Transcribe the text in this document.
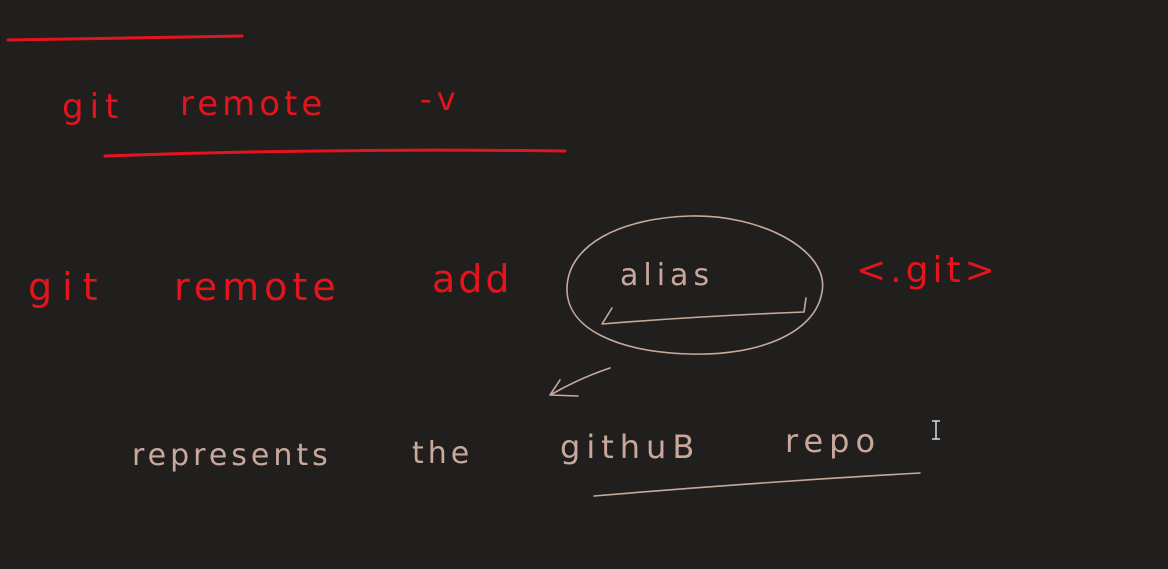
git remote	-v
git remote add	alias	<.git>
represents	the	githuB	repo
